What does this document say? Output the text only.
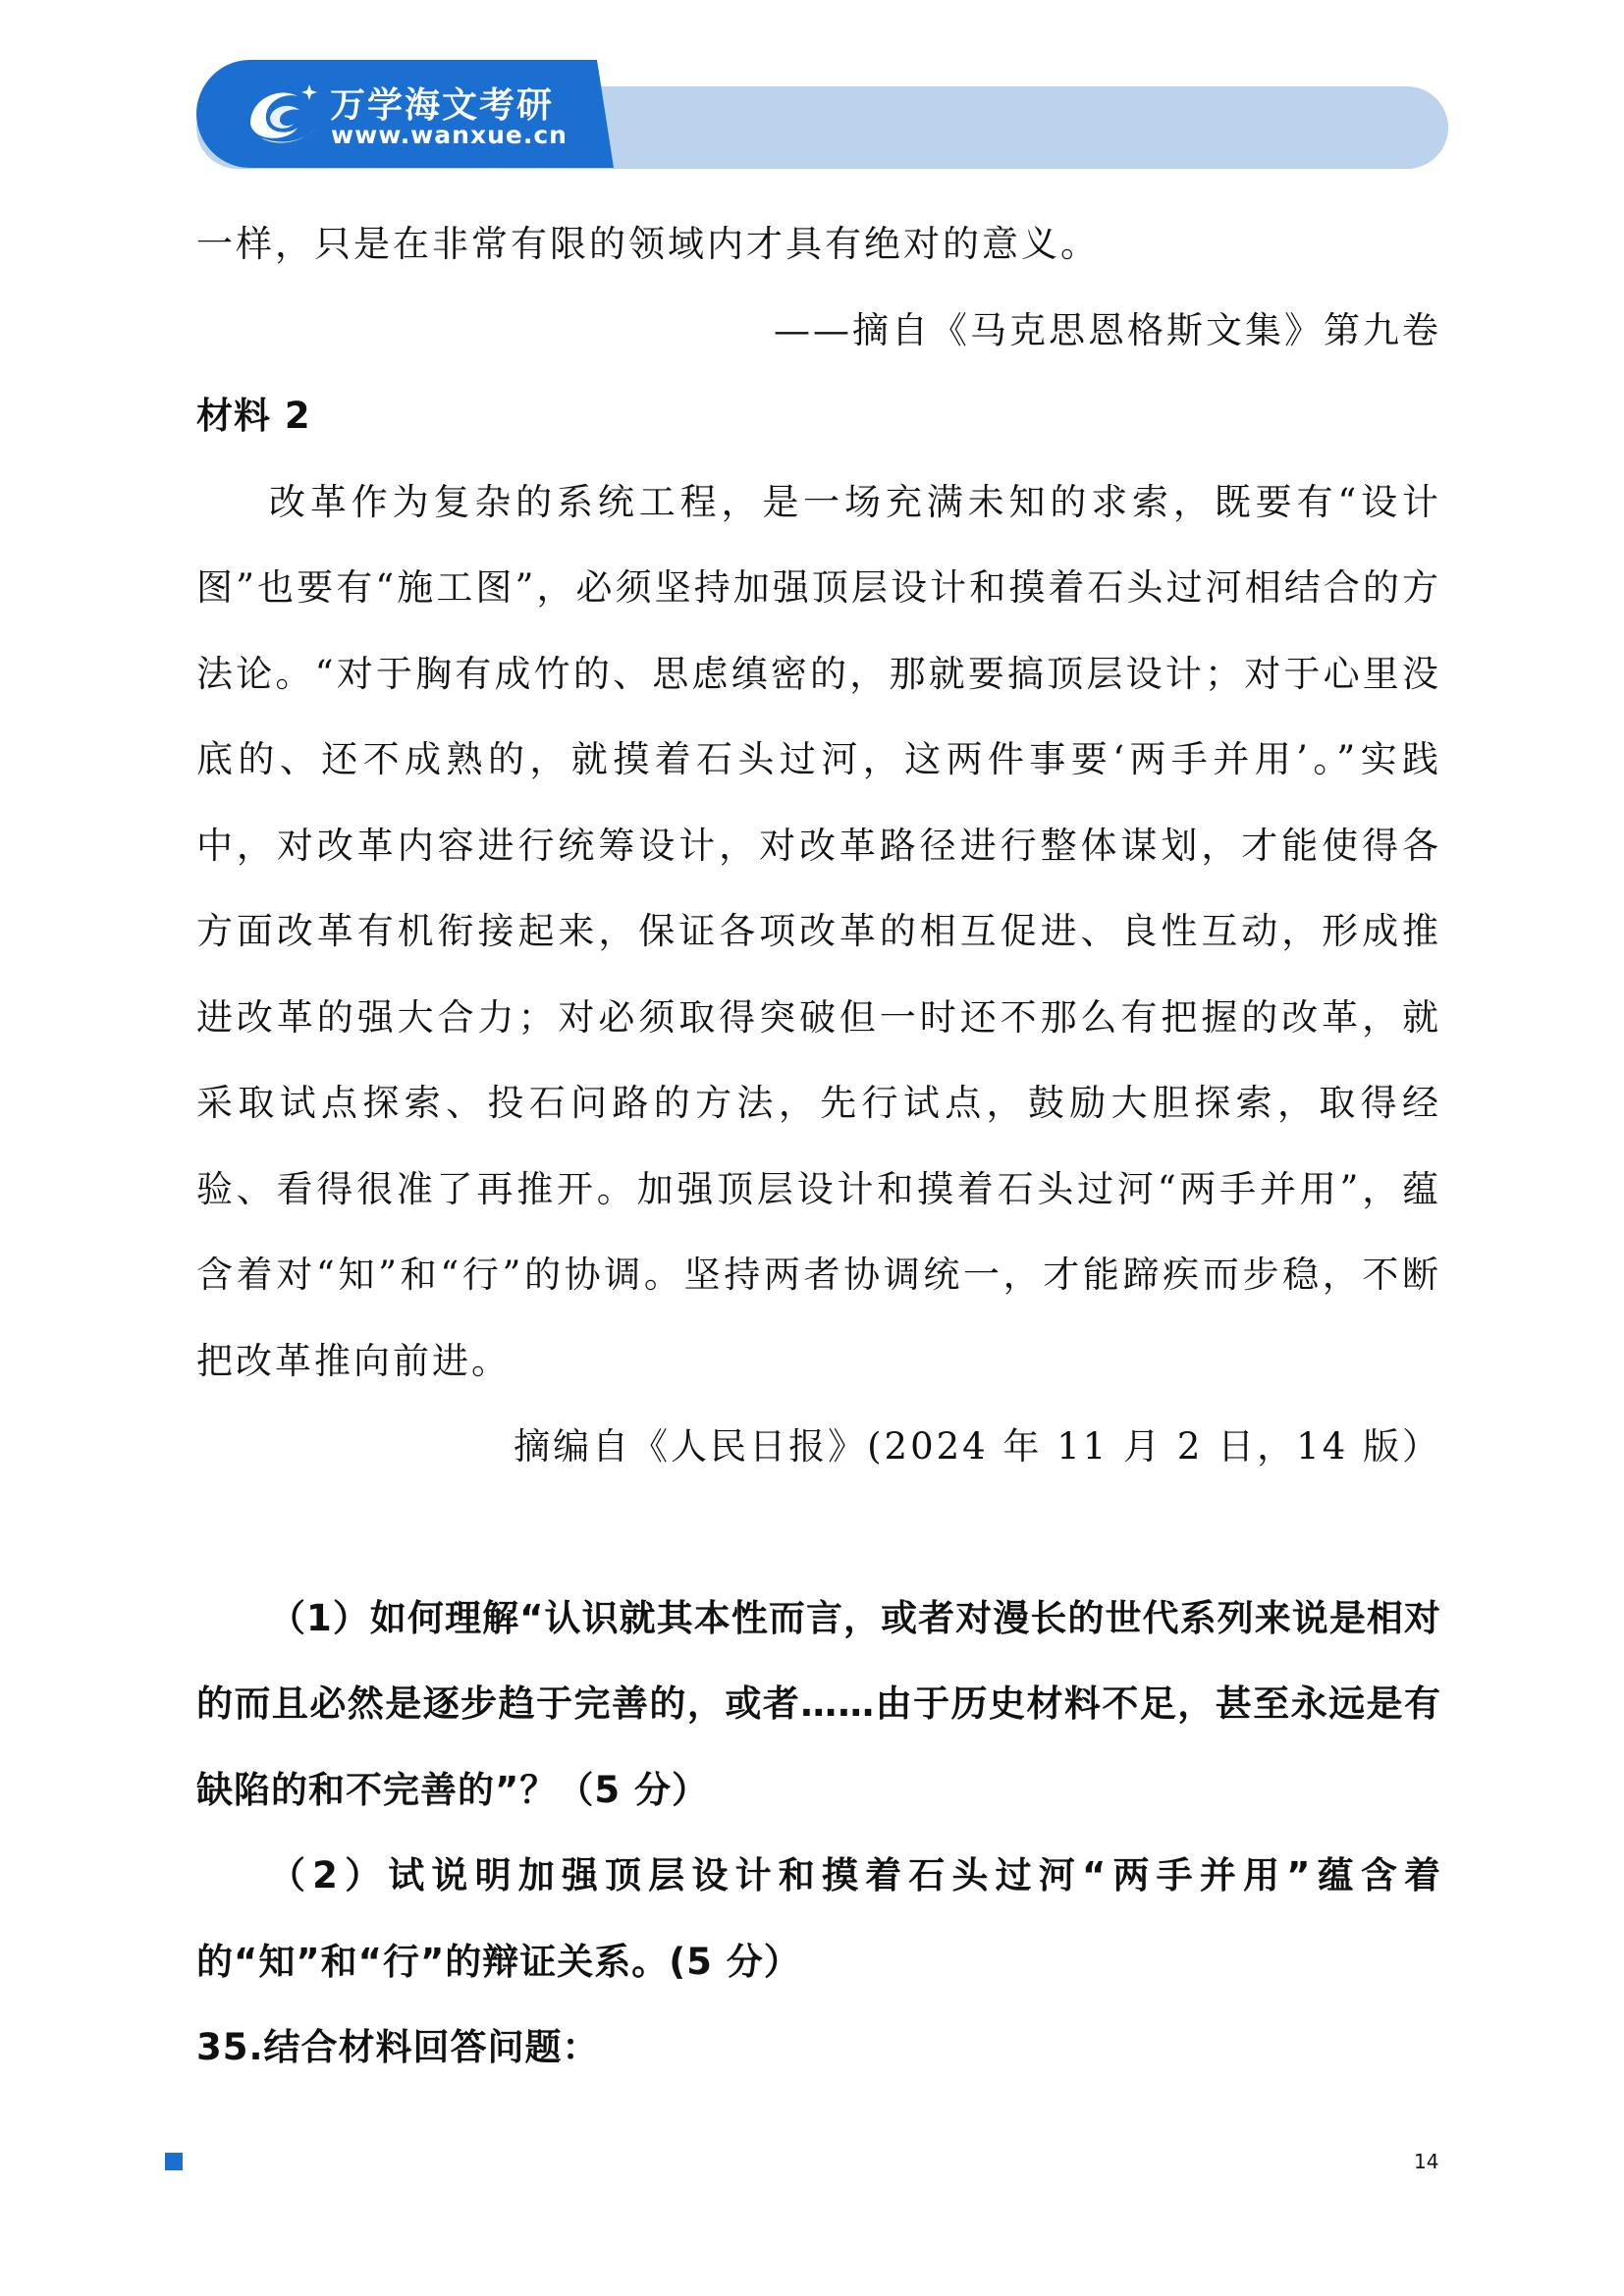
万学海文考研
www.wanxue.cn

一样，只是在非常有限的领域内才具有绝对的意义。

——摘自《马克思恩格斯文集》第九卷

材料 2

改革作为复杂的系统工程，是一场充满未知的求索，既要有“设计图”也要有“施工图”，必须坚持加强顶层设计和摸着石头过河相结合的方法论。“对于胸有成竹的、思虑缜密的，那就要搞顶层设计；对于心里没底的、还不成熟的，就摸着石头过河，这两件事要‘两手并用’。”实践中，对改革内容进行统筹设计，对改革路径进行整体谋划，才能使得各方面改革有机衔接起来，保证各项改革的相互促进、良性互动，形成推进改革的强大合力；对必须取得突破但一时还不那么有把握的改革，就采取试点探索、投石问路的方法，先行试点，鼓励大胆探索，取得经验、看得很准了再推开。加强顶层设计和摸着石头过河“两手并用”，蕴含着对“知”和“行”的协调。坚持两者协调统一，才能蹄疾而步稳，不断把改革推向前进。

摘编自《人民日报》(2024 年 11 月 2 日，14 版）

（1）如何理解“认识就其本性而言，或者对漫长的世代系列来说是相对的而且必然是逐步趋于完善的，或者……由于历史材料不足，甚至永远是有缺陷的和不完善的”？（5 分）

（2）试说明加强顶层设计和摸着石头过河“两手并用”蕴含着的“知”和“行”的辩证关系。(5 分）

35.结合材料回答问题：

14
